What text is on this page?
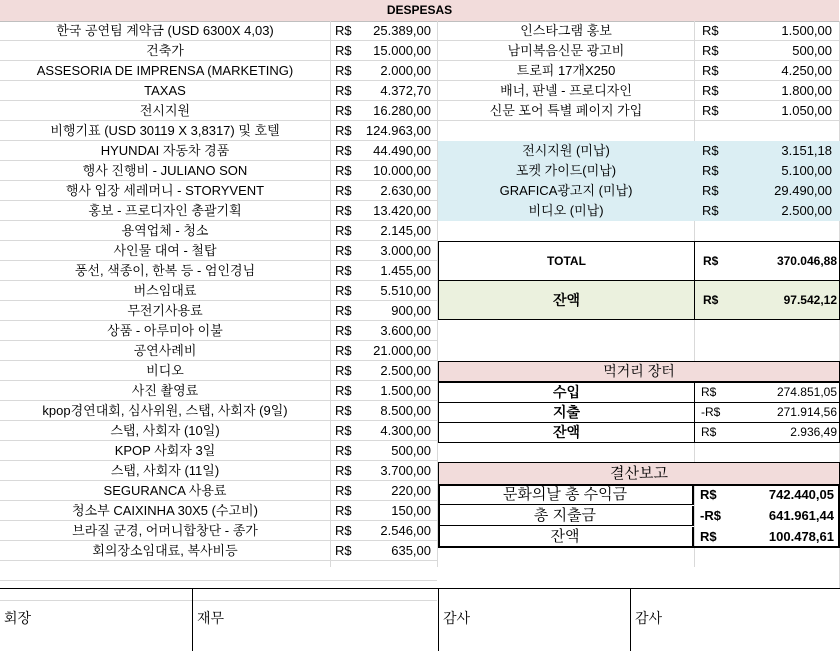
DESPESAS
한국 공연팀 계약금 (USD 6300X 4,03)	R$	25.389,00
건축가	R$	15.000,00
ASSESORIA DE IMPRENSA (MARKETING)	R$	2.000,00
TAXAS	R$	4.372,70
전시지원	R$	16.280,00
비행기표 (USD 30119 X 3,8317) 및 호텔	R$	124.963,00
HYUNDAI 자동차 경품	R$	44.490,00
행사 진행비 - JULIANO SON	R$	10.000,00
행사 입장 세레머니 - STORYVENT	R$	2.630,00
홍보 - 프로디자인 총괄기획	R$	13.420,00
용역업체 - 청소	R$	2.145,00
사인물 대여 - 철탑	R$	3.000,00
풍선, 색종이, 한복 등 - 엄인경님	R$	1.455,00
버스임대료	R$	5.510,00
무전기사용료	R$	900,00
상품 - 아루미아 이불	R$	3.600,00
공연사례비	R$	21.000,00
비디오	R$	2.500,00
사진 촬영료	R$	1.500,00
kpop경연대회, 심사위원, 스탭, 사회자 (9일)	R$	8.500,00
스탭, 사회자 (10일)	R$	4.300,00
KPOP 사회자 3일	R$	500,00
스탭, 사회자 (11일)	R$	3.700,00
SEGURANCA 사용료	R$	220,00
청소부 CAIXINHA 30X5 (수고비)	R$	150,00
브라질 군경, 어머니합창단 - 종가	R$	2.546,00
회의장소임대료, 복사비등	R$	635,00
인스타그램 홍보	R$	1.500,00
남미복음신문 광고비	R$	500,00
트로피 17개X250	R$	4.250,00
배너, 판넬 - 프로디자인	R$	1.800,00
신문 포어 특별 페이지 가입	R$	1.050,00
전시지원 (미납)	R$	3.151,18
포켓 가이드(미납)	R$	5.100,00
GRAFICA광고지 (미납)	R$	29.490,00
비디오 (미납)	R$	2.500,00
TOTAL	R$	370.046,88
잔액	R$	97.542,12
먹거리 장터
수입	R$	274.851,05
지출	-R$	271.914,56
잔액	R$	2.936,49
결산보고
문화의날 총 수익금	R$	742.440,05
총 지출금	-R$	641.961,44
잔액	R$	100.478,61
회장	재무	감사	감사
